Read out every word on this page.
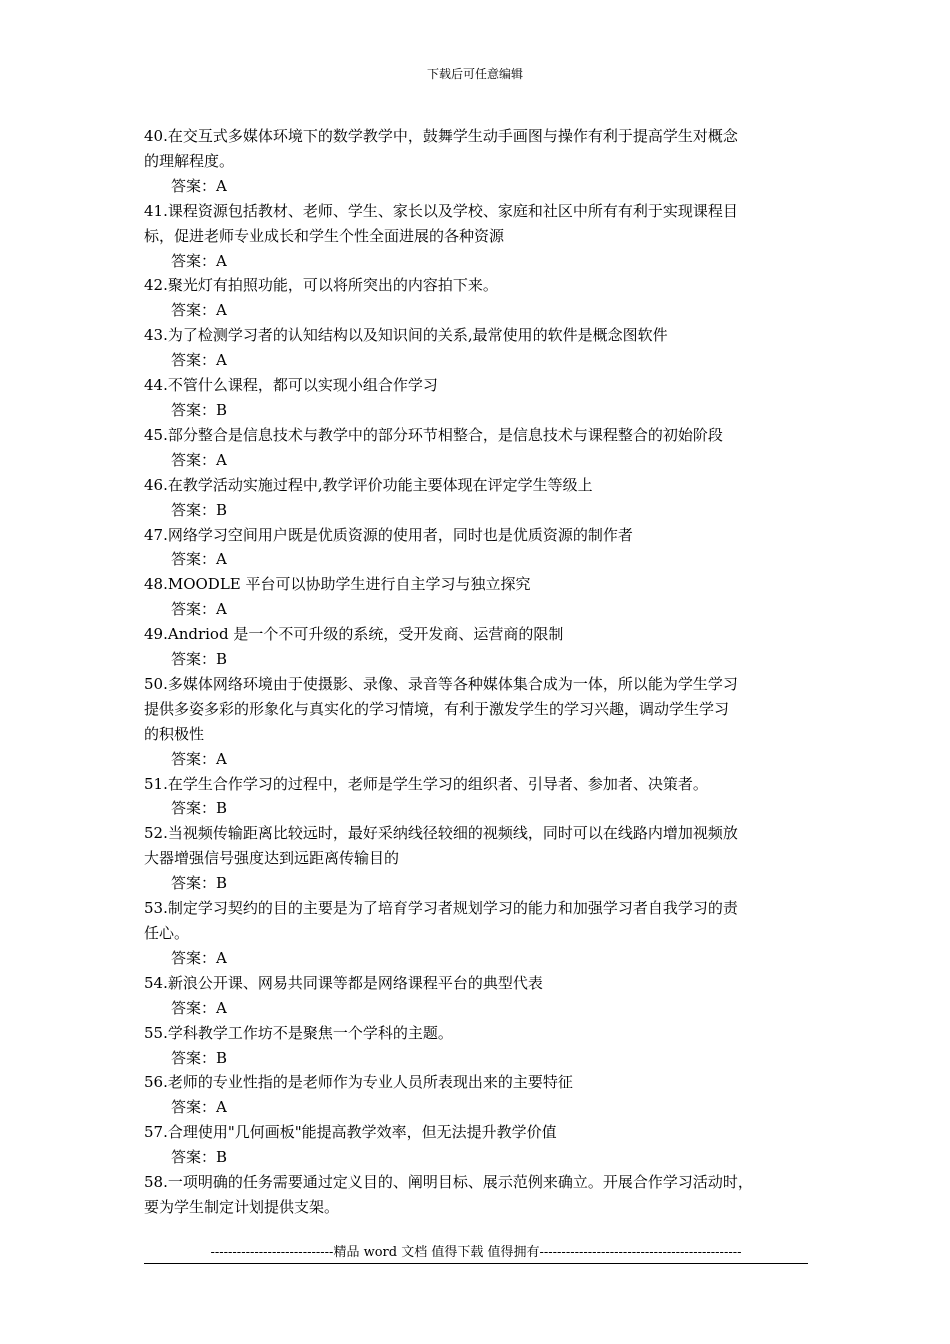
下载后可任意编辑

40.在交互式多媒体环境下的数学教学中，鼓舞学生动手画图与操作有利于提高学生对概念

的理解程度。

答案：A

41.课程资源包括教材、老师、学生、家长以及学校、家庭和社区中所有有利于实现课程目

标，促进老师专业成长和学生个性全面进展的各种资源

答案：A

42.聚光灯有拍照功能，可以将所突出的内容拍下来。

答案：A

43.为了检测学习者的认知结构以及知识间的关系,最常使用的软件是概念图软件

答案：A

44.不管什么课程，都可以实现小组合作学习

答案：B

45.部分整合是信息技术与教学中的部分环节相整合，是信息技术与课程整合的初始阶段

答案：A

46.在教学活动实施过程中,教学评价功能主要体现在评定学生等级上

答案：B

47.网络学习空间用户既是优质资源的使用者，同时也是优质资源的制作者

答案：A

48.MOODLE 平台可以协助学生进行自主学习与独立探究

答案：A

49.Andriod 是一个不可升级的系统，受开发商、运营商的限制

答案：B

50.多媒体网络环境由于使摄影、录像、录音等各种媒体集合成为一体，所以能为学生学习

提供多姿多彩的形象化与真实化的学习情境，有利于激发学生的学习兴趣，调动学生学习

的积极性

答案：A

51.在学生合作学习的过程中，老师是学生学习的组织者、引导者、参加者、决策者。

答案：B

52.当视频传输距离比较远时，最好采纳线径较细的视频线，同时可以在线路内增加视频放

大器增强信号强度达到远距离传输目的

答案：B

53.制定学习契约的目的主要是为了培育学习者规划学习的能力和加强学习者自我学习的责

任心。

答案：A

54.新浪公开课、网易共同课等都是网络课程平台的典型代表

答案：A

55.学科教学工作坊不是聚焦一个学科的主题。

答案：B

56.老师的专业性指的是老师作为专业人员所表现出来的主要特征

答案：A

57.合理使用"几何画板"能提高教学效率，但无法提升教学价值

答案：B

58.一项明确的任务需要通过定义目的、阐明目标、展示范例来确立。开展合作学习活动时，

要为学生制定计划提供支架。

----------------------------精品 word 文档 值得下载 值得拥有----------------------------------------------
